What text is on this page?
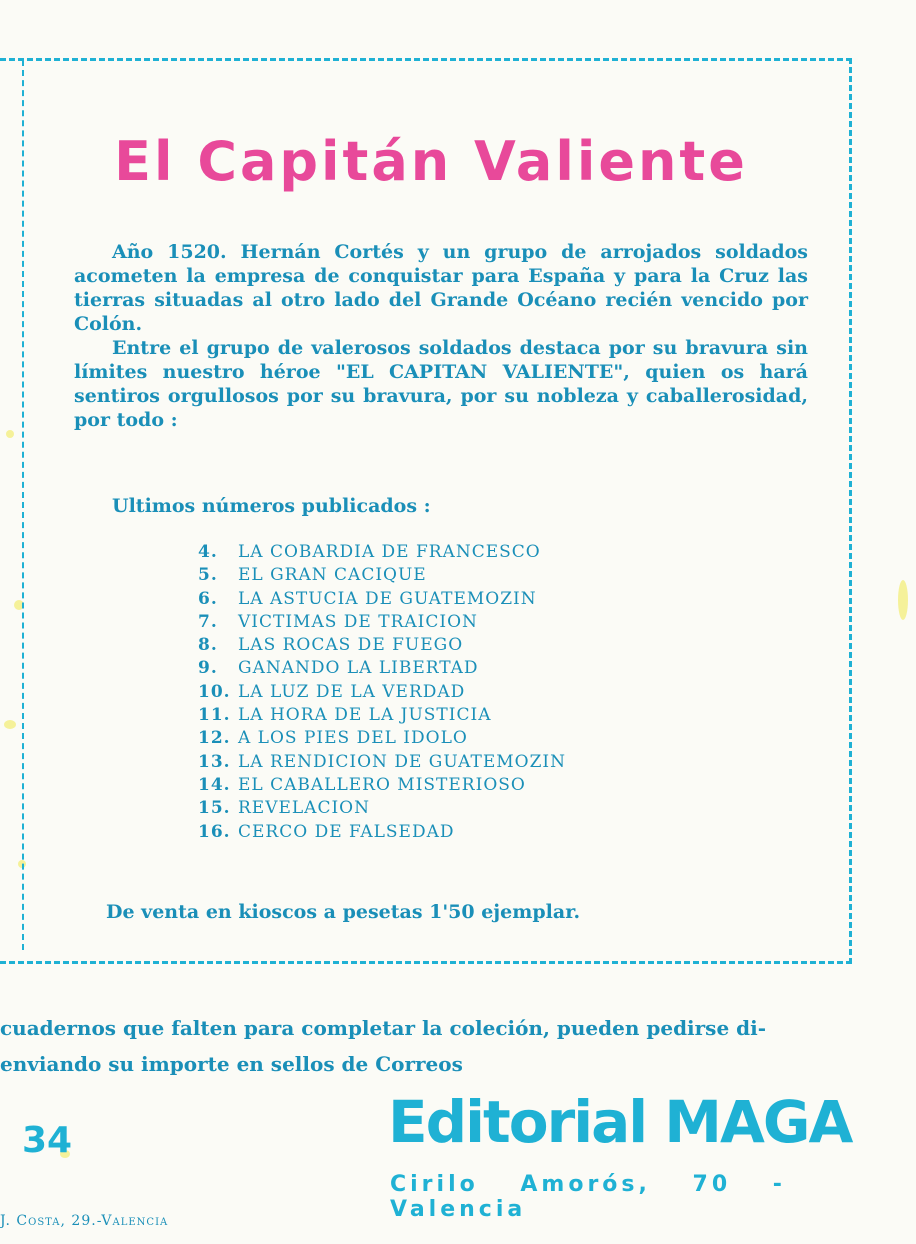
El Capitán Valiente

Año 1520. Hernán Cortés y un grupo de arrojados soldados acometen la empresa de conquistar para España y para la Cruz las tierras situadas al otro lado del Grande Océano recién vencido por Colón.

Entre el grupo de valerosos soldados destaca por su bravura sin límites nuestro héroe "EL CAPITAN VALIENTE", quien os hará sentiros orgullosos por su bravura, por su nobleza y caballerosidad, por todo :

Ultimos números publicados :
4. LA COBARDIA DE FRANCESCO
5. EL GRAN CACIQUE
6. LA ASTUCIA DE GUATEMOZIN
7. VICTIMAS DE TRAICION
8. LAS ROCAS DE FUEGO
9. GANANDO LA LIBERTAD
10. LA LUZ DE LA VERDAD
11. LA HORA DE LA JUSTICIA
12. A LOS PIES DEL IDOLO
13. LA RENDICION DE GUATEMOZIN
14. EL CABALLERO MISTERIOSO
15. REVELACION
16. CERCO DE FALSEDAD
De venta en kioscos a pesetas 1'50 ejemplar.
cuadernos que falten para completar la coleción, pueden pedirse di-
enviando su importe en sellos de Correos
34	Editorial MAGA
Cirilo Amorós, 70 - Valencia
J. Costa, 29.-Valencia
